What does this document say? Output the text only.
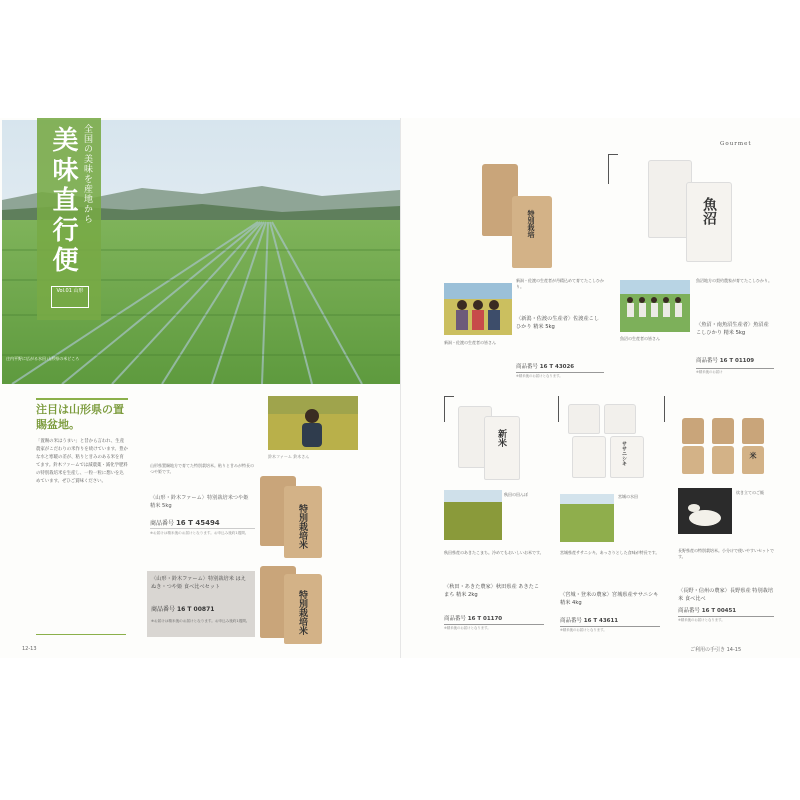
庄内平野に広がる水田 山形県の米どころ
全国の美味を産地から
美味直行便
Vol.01 山形
注目は山形県の置賜盆地。
「置賜の米はうまい」と昔から言われ、生産農家がこだわりの米作りを続けています。豊かな水と寒暖の差が、粘りと甘みのある米を育てます。鈴木ファームでは減農薬・減化学肥料の特別栽培米を生産し、一粒一粒に想いを込めています。ぜひご賞味ください。
鈴木ファーム 鈴木さん
山形県置賜地方で育てた特別栽培米。粘りと甘みが特長のつや姫です。
〈山形・鈴木ファーム〉特別栽培米つや姫 精米 5kg
商品番号 16 T 45494
※お届けは精米後のお届けとなります。お申込み後約1週間。	特別栽培米
〈山形・鈴木ファーム〉特別栽培米 はえぬき・つや姫 食べ比べセット
商品番号 16 T 00871
※お届けは精米後のお届けとなります。お申込み後約1週間。	特別栽培米
12-13
Gourmet
特別栽培
新潟・佐渡の生産者が丹精込めて育てたこしひかり。
新潟・佐渡の生産者の皆さん
〈新潟・佐渡の生産者〉佐渡産こしひかり 精米 5kg
商品番号 16 T 43026
※精米後のお届けとなります。
魚沼
魚沼地方の契約農家が育てたこしひかり。
魚沼の生産者の皆さん
〈魚沼・南魚沼生産者〉魚沼産 こしひかり 精米 5kg
商品番号 16 T 01109
※精米後のお届け
新米
秋田の田んぼ
秋田県産のあきたこまち。冷めてもおいしいお米です。
〈秋田・あきた農家〉秋田県産 あきたこまち 精米 2kg
商品番号 16 T 01170
※精米後のお届けとなります。
ササニシキ
宮城の水田
宮城県産ササニシキ。あっさりとした食味が特長です。
〈宮城・登米の農家〉宮城県産ササニシキ 精米 4kg
商品番号 16 T 43611
※精米後のお届けとなります。
米
炊き立てのご飯
長野県産の特別栽培米。小分けで使いやすいセットです。
〈長野・信州の農家〉長野県産 特別栽培米 食べ比べ
商品番号 16 T 00451
※精米後のお届けとなります。
ご利用の手引き 14-15
